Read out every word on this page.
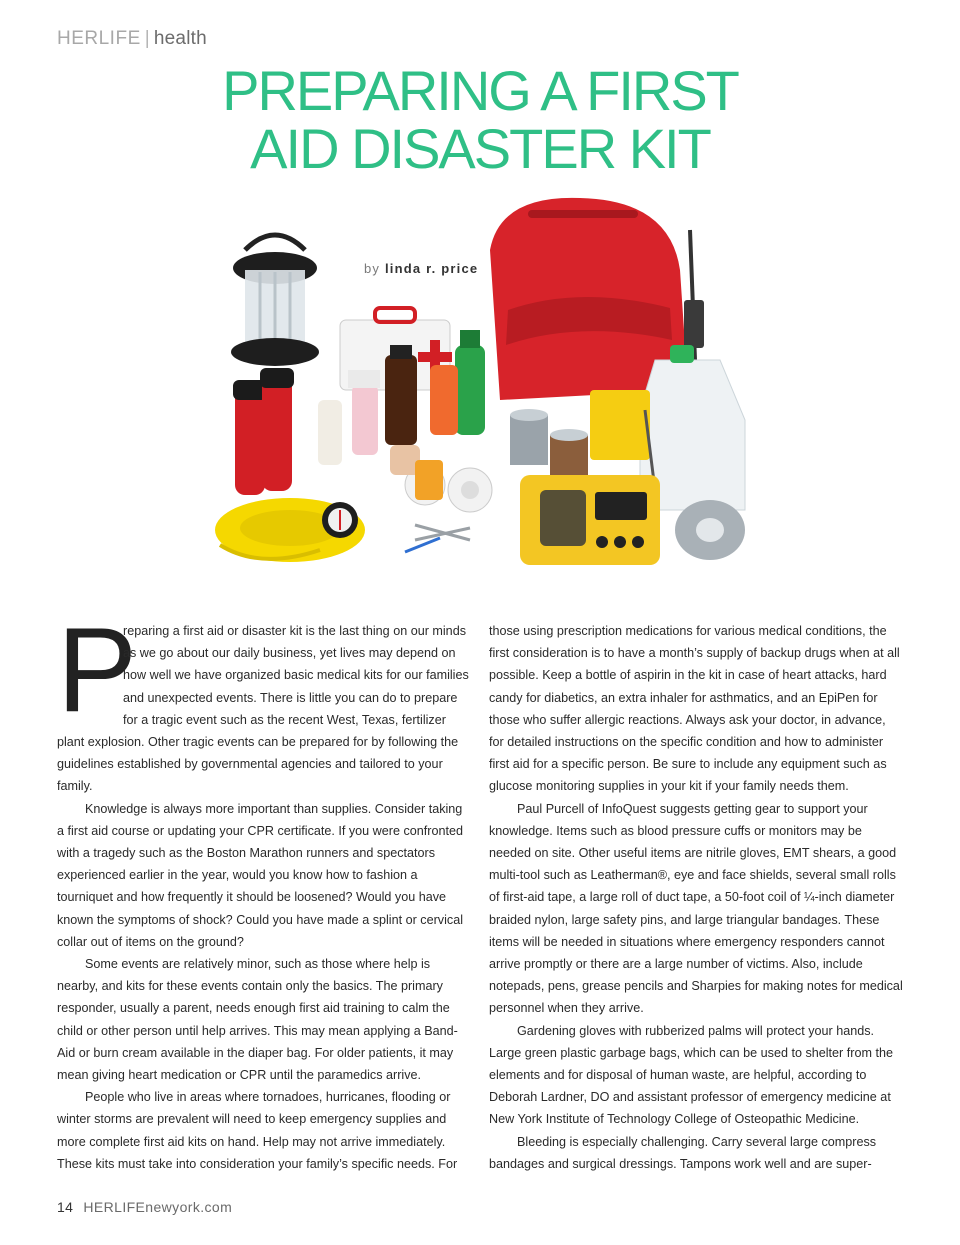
HERLIFE | health
PREPARING A FIRST
AID DISASTER KIT
by linda r. price

P
reparing a first aid or disaster kit is the last thing on our minds as we go about our daily business, yet lives may depend on how well we have organized basic medical kits for our families and unexpected events. There is little you can do to prepare for a tragic event such as the recent West, Texas, fertilizer plant explosion. Other tragic events can be prepared for by following the guidelines established by governmental agencies and tailored to your family.

Knowledge is always more important than supplies. Consider taking a first aid course or updating your CPR certificate. If you were confronted with a tragedy such as the Boston Marathon runners and spectators experienced earlier in the year, would you know how to fashion a tourniquet and how frequently it should be loosened? Would you have known the symptoms of shock? Could you have made a splint or cervical collar out of items on the ground?

Some events are relatively minor, such as those where help is nearby, and kits for these events contain only the basics. The primary responder, usually a parent, needs enough first aid training to calm the child or other person until help arrives. This may mean applying a Band-Aid or burn cream available in the diaper bag. For older patients, it may mean giving heart medication or CPR until the paramedics arrive.

People who live in areas where tornadoes, hurricanes, flooding or winter storms are prevalent will need to keep emergency supplies and more complete first aid kits on hand. Help may not arrive immediately. These kits must take into consideration your family’s specific needs. For

those using prescription medications for various medical conditions, the first consideration is to have a month’s supply of backup drugs when at all possible. Keep a bottle of aspirin in the kit in case of heart attacks, hard candy for diabetics, an extra inhaler for asthmatics, and an EpiPen for those who suffer allergic reactions. Always ask your doctor, in advance, for detailed instructions on the specific condition and how to administer first aid for a specific person. Be sure to include any equipment such as glucose monitoring supplies in your kit if your family needs them.

Paul Purcell of InfoQuest suggests getting gear to support your knowledge. Items such as blood pressure cuffs or monitors may be needed on site. Other useful items are nitrile gloves, EMT shears, a good multi-tool such as Leatherman®, eye and face shields, several small rolls of first-aid tape, a large roll of duct tape, a 50-foot coil of ¼-inch diameter braided nylon, large safety pins, and large triangular bandages. These items will be needed in situations where emergency responders cannot arrive promptly or there are a large number of victims. Also, include notepads, pens, grease pencils and Sharpies for making notes for medical personnel when they arrive.

Gardening gloves with rubberized palms will protect your hands. Large green plastic garbage bags, which can be used to shelter from the elements and for disposal of human waste, are helpful, according to Deborah Lardner, DO and assistant professor of emergency medicine at New York Institute of Technology College of Osteopathic Medicine.

Bleeding is especially challenging. Carry several large compress bandages and surgical dressings. Tampons work well and are super-

14 HERLIFEnewyork.com
